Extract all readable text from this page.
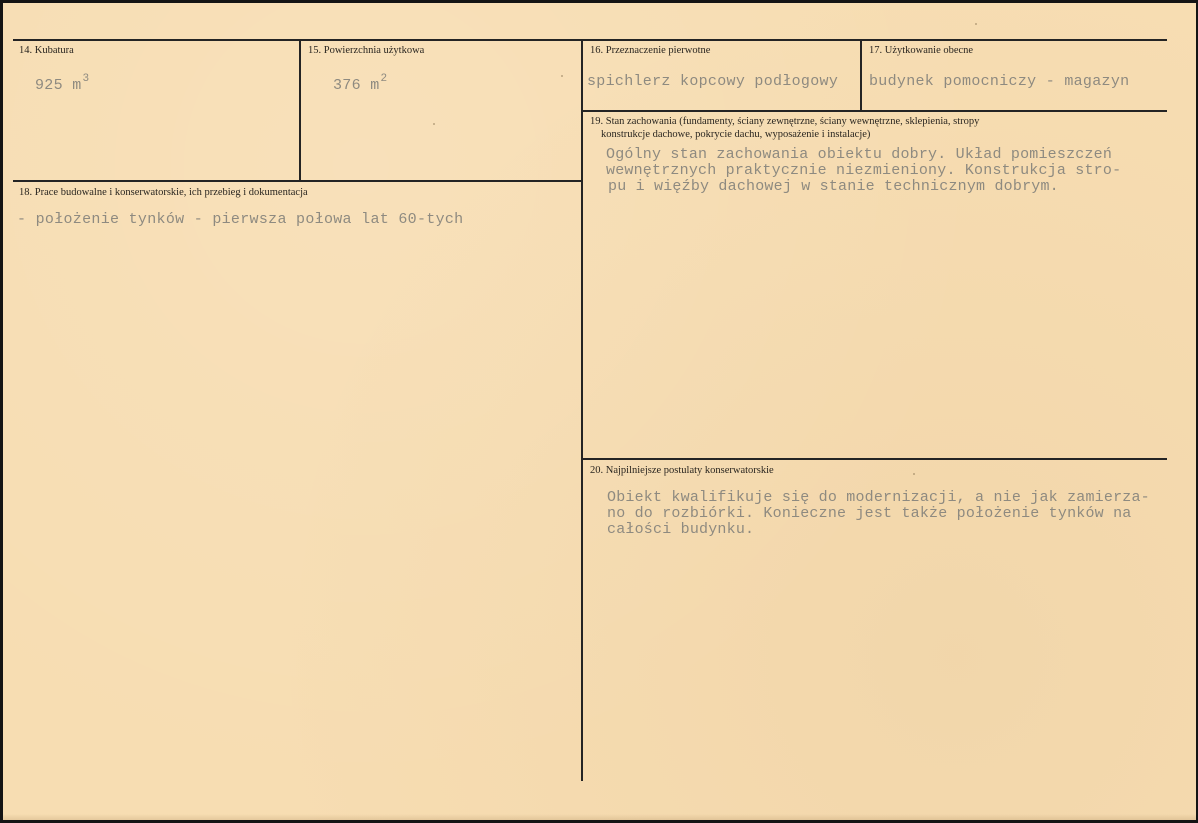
14. Kubatura
925 $m^3$
15. Powierzchnia użytkowa
376 $m^2$
16. Przeznaczenie pierwotne
spichlerz kopcowy podłogowy
17. Użytkowanie obecne
budynek pomocniczy - magazyn
18. Prace budowalne i konserwatorskie, ich przebieg i dokumentacja
- położenie tynków - pierwsza połowa lat 60-tych
19. Stan zachowania (fundamenty, ściany zewnętrzne, ściany wewnętrzne, sklepienia, stropy
konstrukcje dachowe, pokrycie dachu, wyposażenie i instalacje)
Ogólny stan zachowania obiektu dobry. Układ pomieszczeń
wewnętrznych praktycznie niezmieniony. Konstrukcja stro-
pu i więźby dachowej w stanie technicznym dobrym.
20. Najpilniejsze postulaty konserwatorskie
Obiekt kwalifikuje się do modernizacji, a nie jak zamierza-
no do rozbiórki. Konieczne jest także położenie tynków na
całości budynku.
